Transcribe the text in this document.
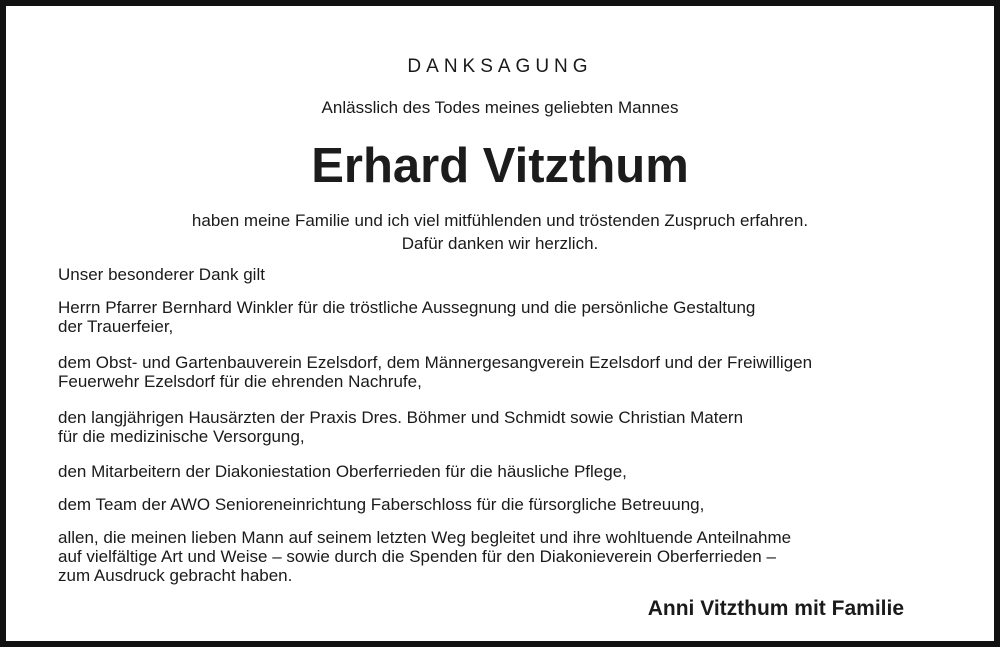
DANKSAGUNG
Anlässlich des Todes meines geliebten Mannes
Erhard Vitzthum
haben meine Familie und ich viel mitfühlenden und tröstenden Zuspruch erfahren.
Dafür danken wir herzlich.

Unser besonderer Dank gilt

Herrn Pfarrer Bernhard Winkler für die tröstliche Aussegnung und die persönliche Gestaltung

der Trauerfeier,

dem Obst- und Gartenbauverein Ezelsdorf, dem Männergesangverein Ezelsdorf und der Freiwilligen

Feuerwehr Ezelsdorf für die ehrenden Nachrufe,

den langjährigen Hausärzten der Praxis Dres. Böhmer und Schmidt sowie Christian Matern

für die medizinische Versorgung,

den Mitarbeitern der Diakoniestation Oberferrieden für die häusliche Pflege,

dem Team der AWO Senioreneinrichtung Faberschloss für die fürsorgliche Betreuung,

allen, die meinen lieben Mann auf seinem letzten Weg begleitet und ihre wohltuende Anteilnahme

auf vielfältige Art und Weise – sowie durch die Spenden für den Diakonieverein Oberferrieden –

zum Ausdruck gebracht haben.

Anni Vitzthum mit Familie
